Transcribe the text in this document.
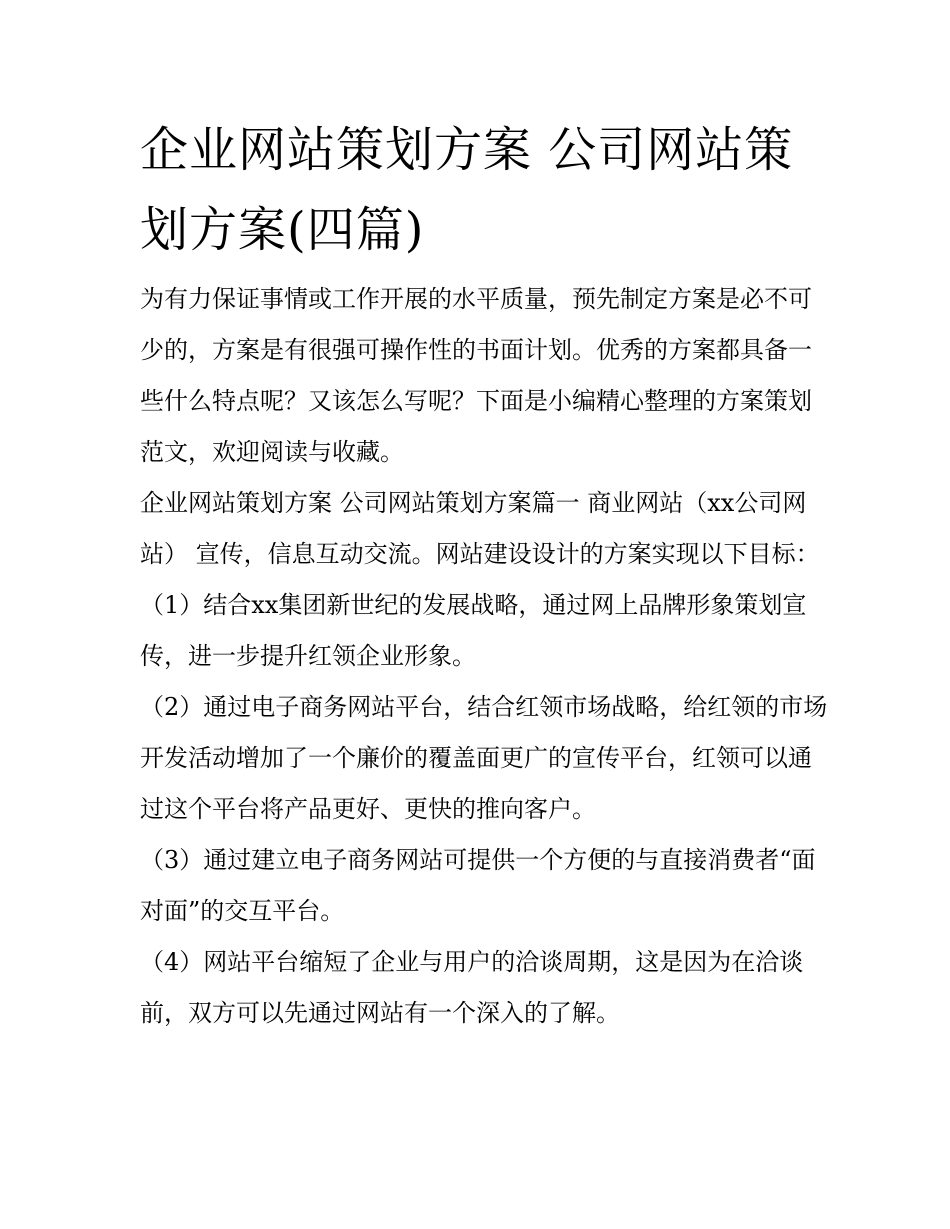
企业网站策划方案 公司网站策划方案(四篇)

为有力保证事情或工作开展的水平质量，预先制定方案是必不可少的，方案是有很强可操作性的书面计划。优秀的方案都具备一些什么特点呢？又该怎么写呢？下面是小编精心整理的方案策划范文，欢迎阅读与收藏。

企业网站策划方案 公司网站策划方案篇一 商业网站（xx公司网站） 宣传，信息互动交流。网站建设设计的方案实现以下目标：

（1）结合xx集团新世纪的发展战略，通过网上品牌形象策划宣传，进一步提升红领企业形象。

（2）通过电子商务网站平台，结合红领市场战略，给红领的市场开发活动增加了一个廉价的覆盖面更广的宣传平台，红领可以通过这个平台将产品更好、更快的推向客户。

（3）通过建立电子商务网站可提供一个方便的与直接消费者“面对面”的交互平台。

（4）网站平台缩短了企业与用户的洽谈周期，这是因为在洽谈前，双方可以先通过网站有一个深入的了解。
